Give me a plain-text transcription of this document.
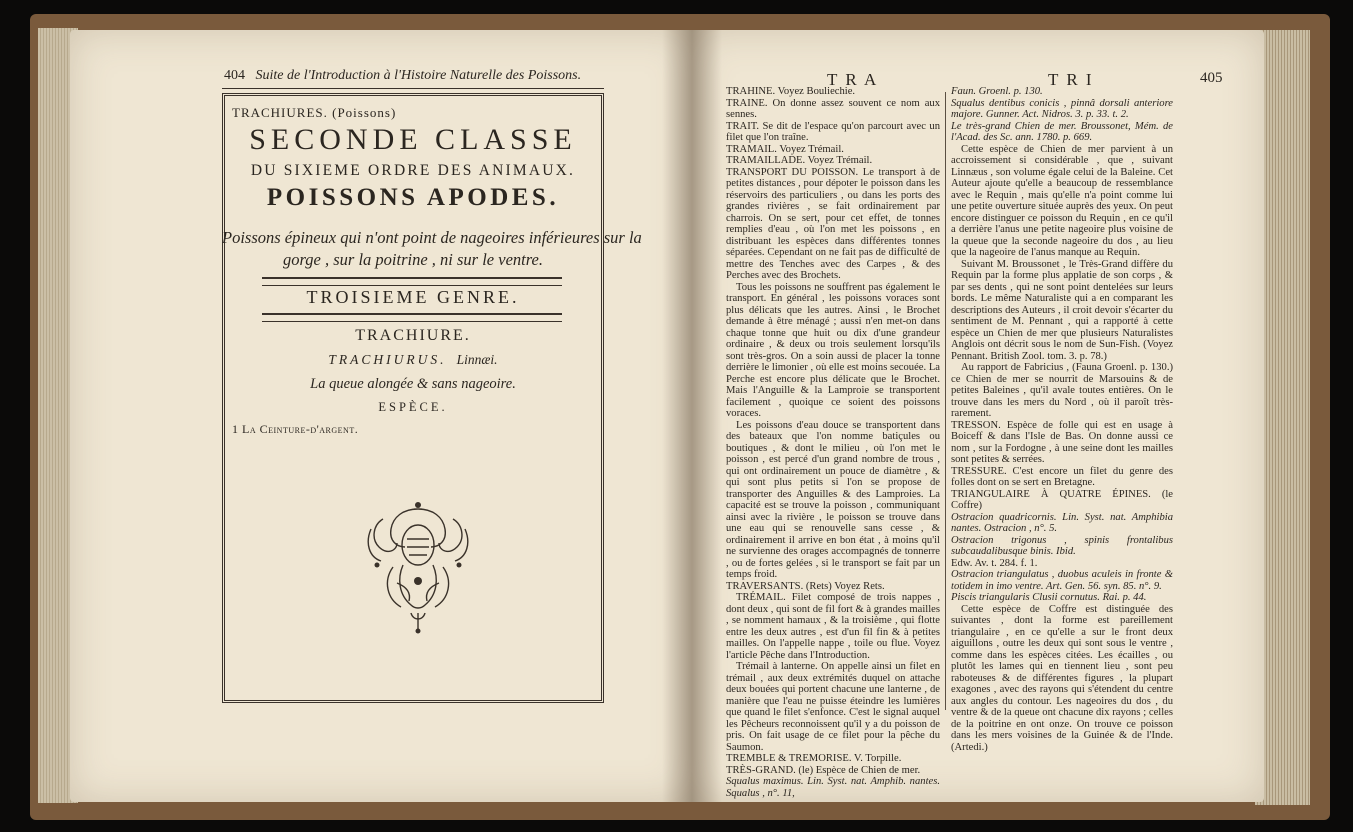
404 Suite de l'Introduction à l'Histoire Naturelle des Poissons.
TRACHIURES. (Poissons)
SECONDE CLASSE
DU SIXIEME ORDRE DES ANIMAUX.
POISSONS APODES.
Poissons épineux qui n'ont point de nageoires inférieures sur la
gorge , sur la poitrine , ni sur le ventre.
TROISIEME GENRE.
TRACHIURE.
TRACHIURUS. Linnæi.
La queue alongée & sans nageoire.
ESPÈCE.
1 La Ceinture-d'argent.
T R A	T R I	405

TRAHINE. Voyez Bouliechie.

TRAINE. On donne assez souvent ce nom aux sennes.

TRAIT. Se dit de l'espace qu'on parcourt avec un filet que l'on traîne.

TRAMAIL. Voyez Trémail.

TRAMAILLADE. Voyez Trémail.

TRANSPORT DU POISSON. Le transport à de petites distances , pour dépoter le poisson dans les réservoirs des particuliers , ou dans les ports des grandes rivières , se fait ordinairement par charrois. On se sert, pour cet effet, de tonnes remplies d'eau , où l'on met les poissons , en distribuant les espèces dans différentes tonnes séparées. Cependant on ne fait pas de difficulté de mettre des Tenches avec des Carpes , & des Perches avec des Brochets.

Tous les poissons ne souffrent pas également le transport. En général , les poissons voraces sont plus délicats que les autres. Ainsi , le Brochet demande à être ménagé ; aussi n'en met-on dans chaque tonne que huit ou dix d'une grandeur ordinaire , & deux ou trois seulement lorsqu'ils sont très-gros. On a soin aussi de placer la tonne derrière le limonier , où elle est moins secouée. La Perche est encore plus délicate que le Brochet. Mais l'Anguille & la Lamproie se transportent facilement , quoique ce soient des poissons voraces.

Les poissons d'eau douce se transportent dans des bateaux que l'on nomme batiçules ou boutiques , & dont le milieu , où l'on met le poisson , est percé d'un grand nombre de trous , qui ont ordinairement un pouce de diamètre , & qui sont plus petits si l'on se propose de transporter des Anguilles & des Lamproies. La capacité est se trouve la poisson , communiquant ainsi avec la rivière , le poisson se trouve dans une eau qui se renouvelle sans cesse , & ordinairement il arrive en bon état , à moins qu'il ne survienne des orages accompagnés de tonnerre , ou de fortes gelées , si le transport se fait par un temps froid.

TRAVERSANTS. (Rets) Voyez Rets.

TRÉMAIL. Filet composé de trois nappes , dont deux , qui sont de fil fort & à grandes mailles , se nomment hamaux , & la troisième , qui flotte entre les deux autres , est d'un fil fin & à petites mailles. On l'appelle nappe , toile ou flue. Voyez l'article Pêche dans l'Introduction.

Trémail à lanterne. On appelle ainsi un filet en trémail , aux deux extrémités duquel on attache deux bouées qui portent chacune une lanterne , de manière que l'eau ne puisse éteindre les lumières que quand le filet s'enfonce. C'est le signal auquel les Pêcheurs reconnoissent qu'il y a du poisson de pris. On fait usage de ce filet pour la pêche du Saumon.

TREMBLE & TREMORISE. V. Torpille.

TRÈS-GRAND. (le) Espèce de Chien de mer.

Squalus maximus. Lin. Syst. nat. Amphib. nantes. Squalus , n°. 11,

Faun. Groenl. p. 130.

Squalus dentibus conicis , pinnâ dorsali anteriore majore. Gunner. Act. Nidros. 3. p. 33. t. 2.

Le très-grand Chien de mer. Broussonet, Mém. de l'Acad. des Sc. ann. 1780. p. 669.

Cette espèce de Chien de mer parvient à un accroissement si considérable , que , suivant Linnæus , son volume égale celui de la Baleine. Cet Auteur ajoute qu'elle a beaucoup de ressemblance avec le Requin , mais qu'elle n'a point comme lui une petite ouverture située auprès des yeux. On peut encore distinguer ce poisson du Requin , en ce qu'il a derrière l'anus une petite nageoire plus voisine de la queue que la seconde nageoire du dos , au lieu que la nageoire de l'anus manque au Requin.

Suivant M. Broussonet , le Très-Grand diffère du Requin par la forme plus applatie de son corps , & par ses dents , qui ne sont point dentelées sur leurs bords. Le même Naturaliste qui a en comparant les descriptions des Auteurs , il croit devoir s'écarter du sentiment de M. Pennant , qui a rapporté à cette espèce un Chien de mer que plusieurs Naturalistes Anglois ont décrit sous le nom de Sun-Fish. (Voyez Pennant. British Zool. tom. 3. p. 78.)

Au rapport de Fabricius , (Fauna Groenl. p. 130.) ce Chien de mer se nourrit de Marsouins & de petites Baleines , qu'il avale toutes entières. On le trouve dans les mers du Nord , où il paroît très-rarement.

TRESSON. Espèce de folle qui est en usage à Boiceff & dans l'Isle de Bas. On donne aussi ce nom , sur la Fordogne , à une seine dont les mailles sont petites & serrées.

TRESSURE. C'est encore un filet du genre des folles dont on se sert en Bretagne.

TRIANGULAIRE À QUATRE ÉPINES. (le Coffre)

Ostracion quadricornis. Lin. Syst. nat. Amphibia nantes. Ostracion , n°. 5.

Ostracion trigonus , spinis frontalibus subcaudalibusque binis. Ibid.

Edw. Av. t. 284. f. 1.

Ostracion triangulatus , duobus aculeis in fronte & totidem in imo ventre. Art. Gen. 56. syn. 85. n°. 9.

Piscis triangularis Clusii cornutus. Rai. p. 44.

Cette espèce de Coffre est distinguée des suivantes , dont la forme est pareillement triangulaire , en ce qu'elle a sur le front deux aiguillons , outre les deux qui sont sous le ventre , comme dans les espèces citées. Les écailles , ou plutôt les lames qui en tiennent lieu , sont peu raboteuses & de différentes figures , la plupart exagones , avec des rayons qui s'étendent du centre aux angles du contour. Les nageoires du dos , du ventre & de la queue ont chacune dix rayons ; celles de la poitrine en ont onze. On trouve ce poisson dans les mers voisines de la Guinée & de l'Inde. (Artedi.)
